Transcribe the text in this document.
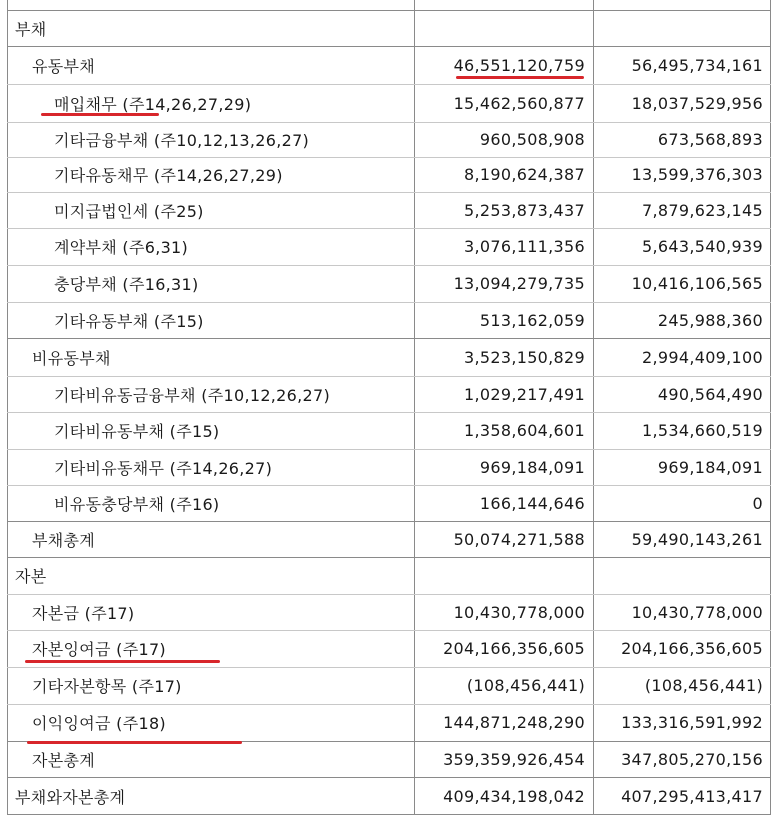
부채
유동부채	46,551,120,759	56,495,734,161
매입채무 (주14,26,27,29)	15,462,560,877	18,037,529,956
기타금융부채 (주10,12,13,26,27)	960,508,908	673,568,893
기타유동채무 (주14,26,27,29)	8,190,624,387	13,599,376,303
미지급법인세 (주25)	5,253,873,437	7,879,623,145
계약부채 (주6,31)	3,076,111,356	5,643,540,939
충당부채 (주16,31)	13,094,279,735	10,416,106,565
기타유동부채 (주15)	513,162,059	245,988,360
비유동부채	3,523,150,829	2,994,409,100
기타비유동금융부채 (주10,12,26,27)	1,029,217,491	490,564,490
기타비유동부채 (주15)	1,358,604,601	1,534,660,519
기타비유동채무 (주14,26,27)	969,184,091	969,184,091
비유동충당부채 (주16)	166,144,646	0
부채총계	50,074,271,588	59,490,143,261
자본
자본금 (주17)	10,430,778,000	10,430,778,000
자본잉여금 (주17)	204,166,356,605	204,166,356,605
기타자본항목 (주17)	(108,456,441)	(108,456,441)
이익잉여금 (주18)	144,871,248,290	133,316,591,992
자본총계	359,359,926,454	347,805,270,156
부채와자본총계	409,434,198,042	407,295,413,417
